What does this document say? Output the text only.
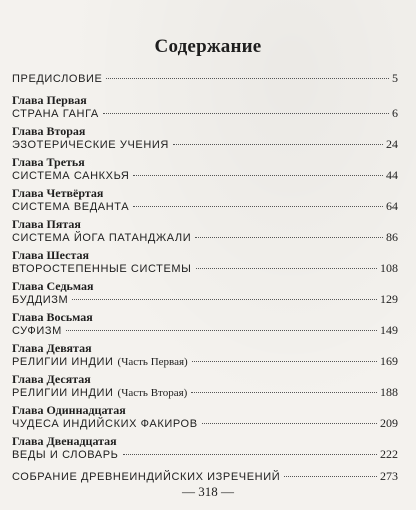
Содержание
ПРЕДИСЛОВИЕ	5
Глава Первая
СТРАНА ГАНГА	6
Глава Вторая
ЭЗОТЕРИЧЕСКИЕ УЧЕНИЯ	24
Глава Третья
СИСТЕМА САНКХЬЯ	44
Глава Четвёртая
СИСТЕМА ВЕДАНТА	64
Глава Пятая
СИСТЕМА ЙОГА ПАТАНДЖАЛИ	86
Глава Шестая
ВТОРОСТЕПЕННЫЕ СИСТЕМЫ	108
Глава Седьмая
БУДДИЗМ	129
Глава Восьмая
СУФИЗМ	149
Глава Девятая
РЕЛИГИИ ИНДИИ (Часть Первая)	169
Глава Десятая
РЕЛИГИИ ИНДИИ (Часть Вторая)	188
Глава Одиннадцатая
ЧУДЕСА ИНДИЙСКИХ ФАКИРОВ	209
Глава Двенадцатая
ВЕДЫ И СЛОВАРЬ	222
СОБРАНИЕ ДРЕВНЕИНДИЙСКИХ ИЗРЕЧЕНИЙ	273
— 318 —
